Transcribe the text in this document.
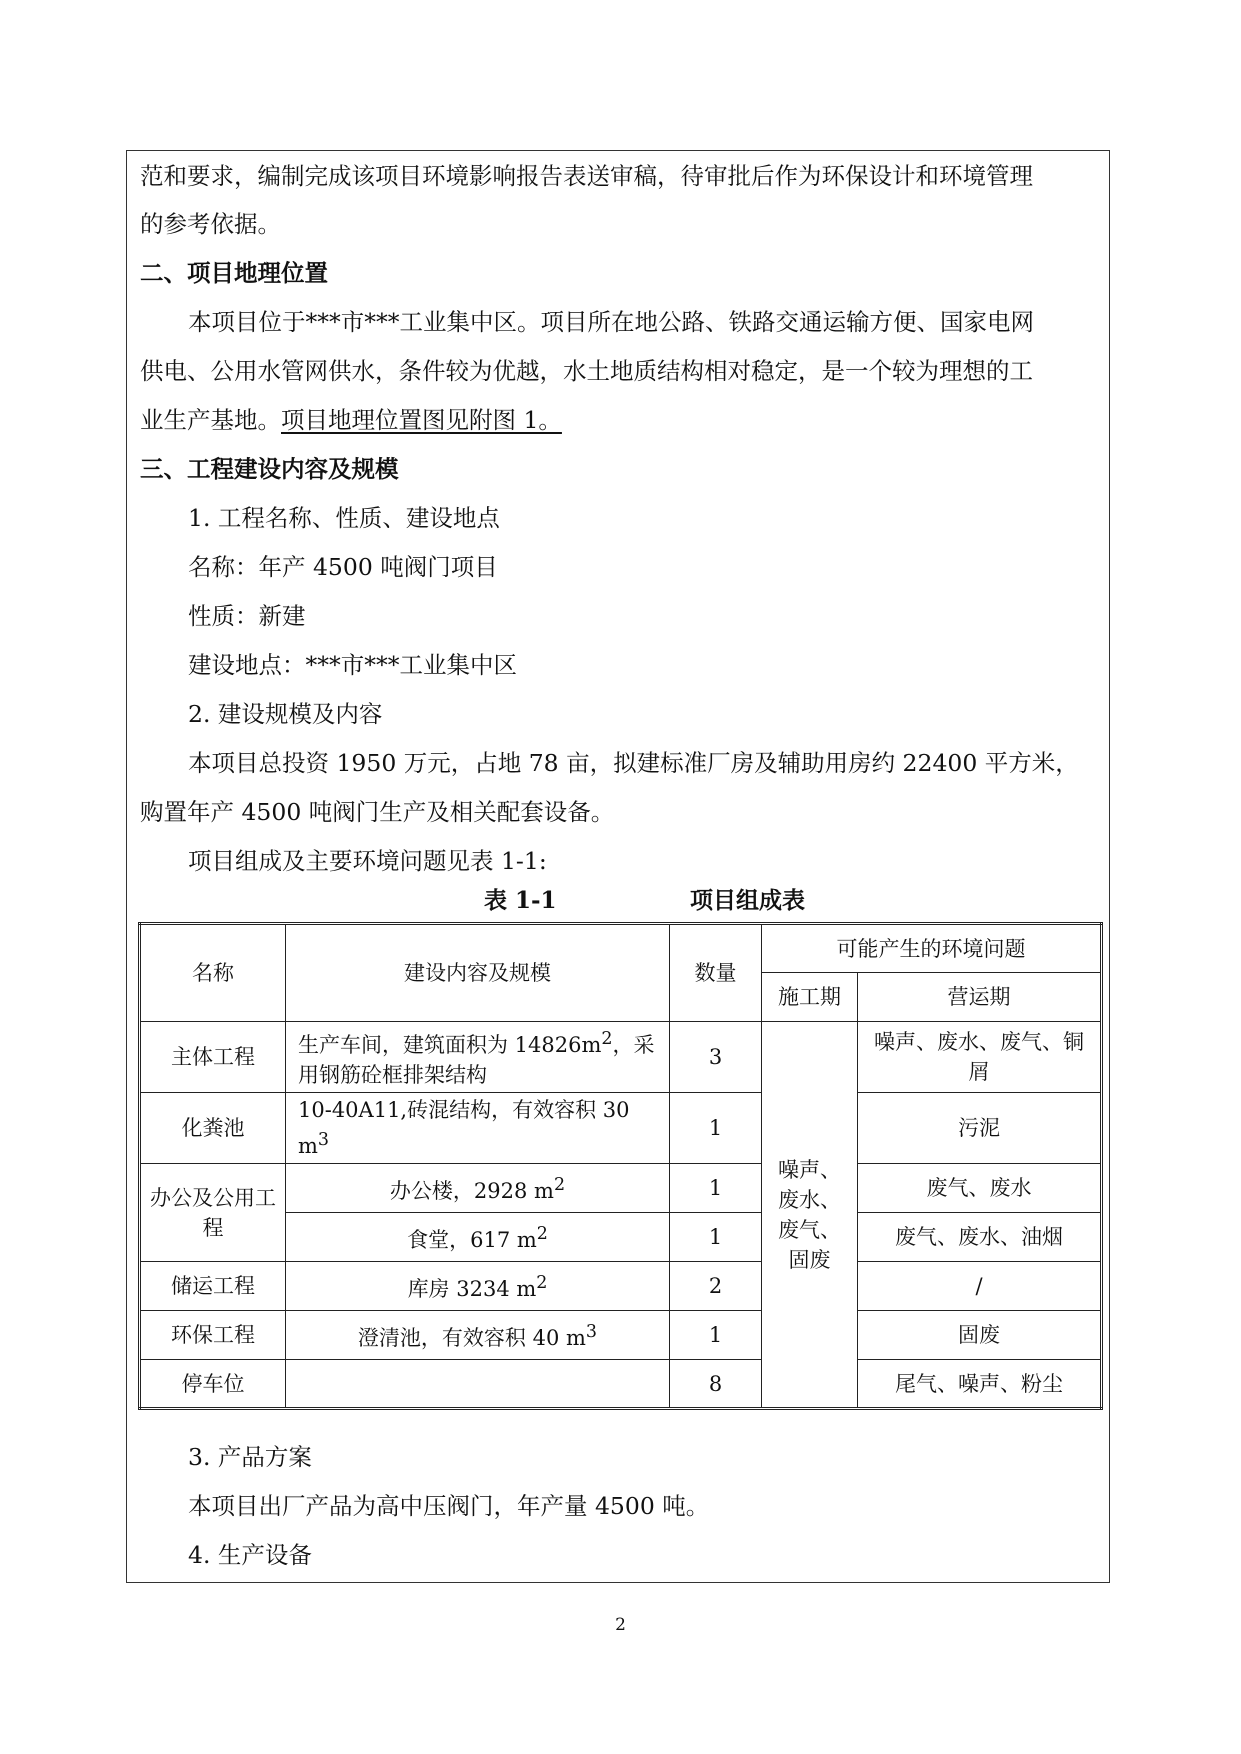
范和要求，编制完成该项目环境影响报告表送审稿，待审批后作为环保设计和环境管理
的参考依据。
二、项目地理位置
本项目位于***市***工业集中区。项目所在地公路、铁路交通运输方便、国家电网
供电、公用水管网供水，条件较为优越，水土地质结构相对稳定，是一个较为理想的工
业生产基地。项目地理位置图见附图 1。
三、工程建设内容及规模
1. 工程名称、性质、建设地点
名称：年产 4500 吨阀门项目
性质：新建
建设地点：***市***工业集中区
2. 建设规模及内容
本项目总投资 1950 万元，占地 78 亩，拟建标准厂房及辅助用房约 22400 平方米，
购置年产 4500 吨阀门生产及相关配套设备。
项目组成及主要环境问题见表 1-1:
表 1-1	项目组成表
名称	建设内容及规模	数量	可能产生的环境问题	
			施工期	营运期
主体工程	生产车间，建筑面积为 $14826m^2$，采用钢筋砼框排架结构	3	噪声、
废水、
废气、
固废	噪声、废水、废气、铜屑
化粪池	10-40A11,砖混结构，有效容积 30 $m^3$	1		污泥
办公及公用工程	办公楼，2928 $m^2$	1		废气、废水
	食堂，617 $m^2$	1		废气、废水、油烟
储运工程	库房 3234 $m^2$	2		/
环保工程	澄清池，有效容积 40 $m^3$	1		固废
停车位		8		尾气、噪声、粉尘
3. 产品方案
本项目出厂产品为高中压阀门，年产量 4500 吨。
4. 生产设备
2
